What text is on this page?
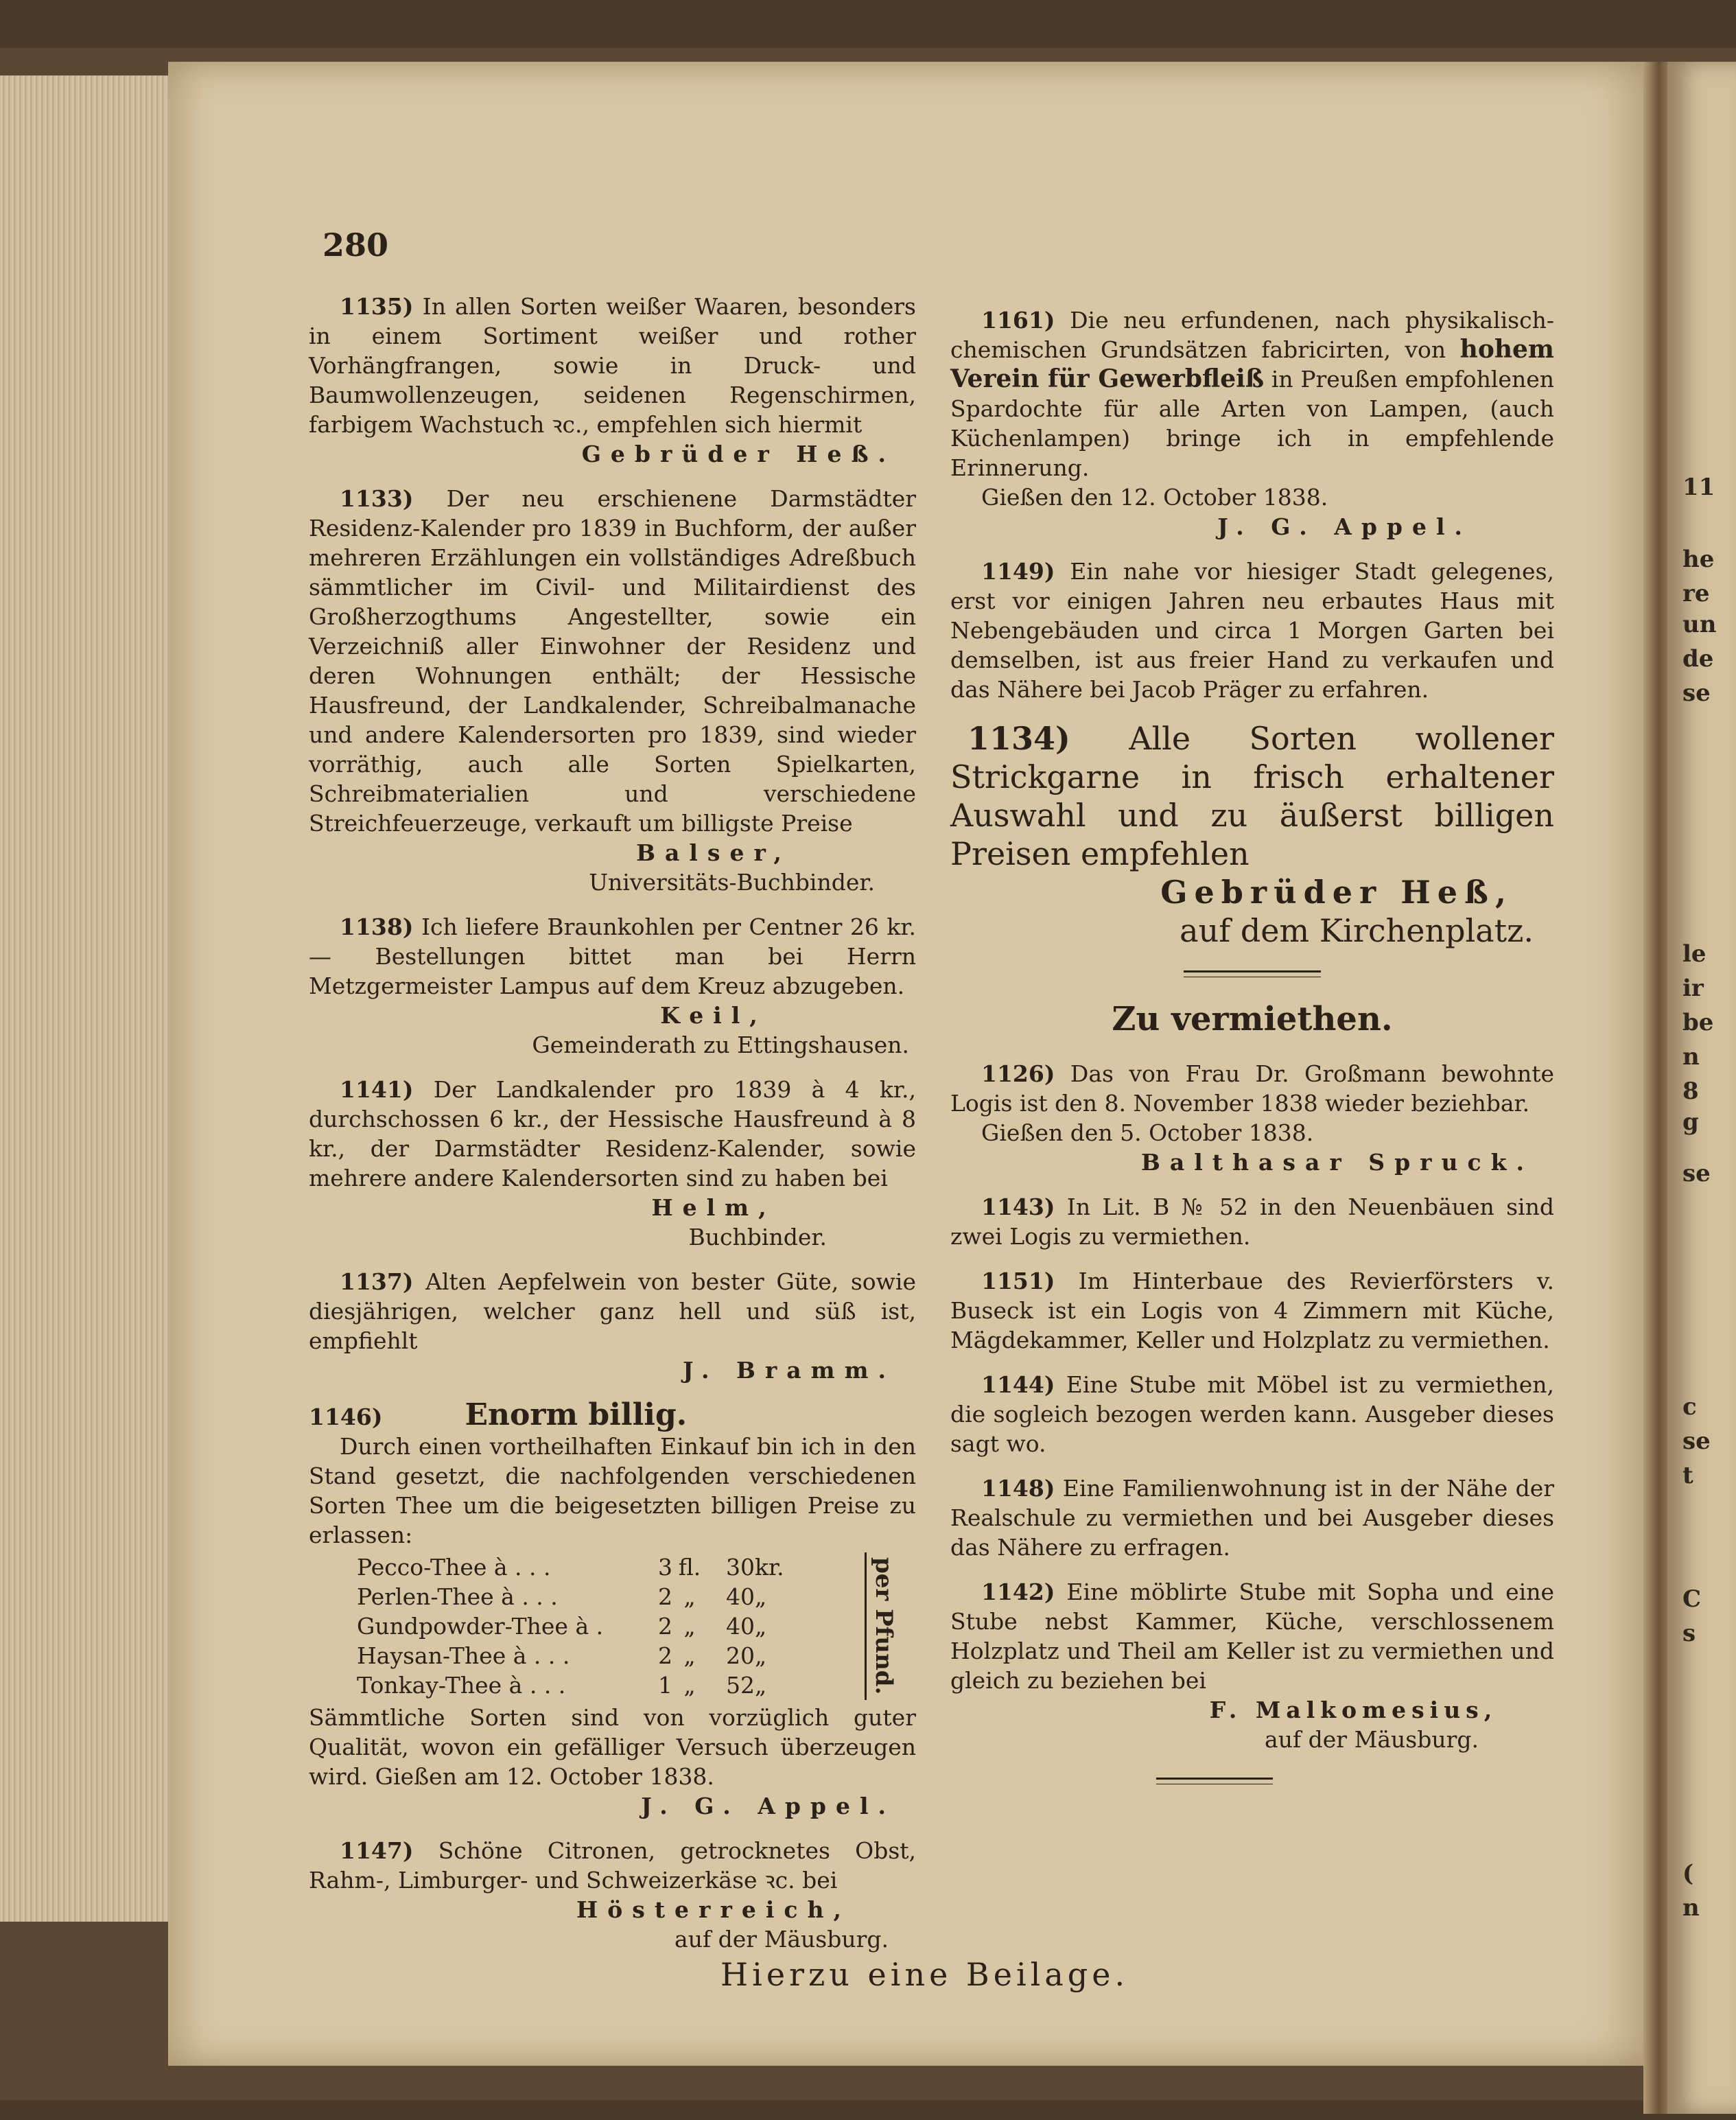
11
he
re
un
de
se
le
ir
be
n
8
g
se
c
se
t
C
s
(
n
280

1135) In allen Sorten weißer Waaren, besonders in einem Sortiment weißer und rother Vorhängfrangen, sowie in Druck- und Baumwollenzeugen, seidenen Regenschirmen, farbigem Wachstuch ꝛc., empfehlen sich hiermit

Gebrüder Heß.

1133) Der neu erschienene Darmstädter Residenz-Kalender pro 1839 in Buchform, der außer mehreren Erzählungen ein vollständiges Adreßbuch sämmtlicher im Civil- und Militairdienst des Großherzogthums Angestellter, sowie ein Verzeichniß aller Einwohner der Residenz und deren Wohnungen enthält; der Hessische Hausfreund, der Landkalender, Schreibalmanache und andere Kalendersorten pro 1839, sind wieder vorräthig, auch alle Sorten Spielkarten, Schreibmaterialien und verschiedene Streichfeuerzeuge, verkauft um billigste Preise

Balser,

Universitäts-Buchbinder.

1138) Ich liefere Braunkohlen per Centner 26 kr. — Bestellungen bittet man bei Herrn Metzgermeister Lampus auf dem Kreuz abzugeben.

Keil,

Gemeinderath zu Ettingshausen.

1141) Der Landkalender pro 1839 à 4 kr., durchschossen 6 kr., der Hessische Hausfreund à 8 kr., der Darmstädter Residenz-Kalender, sowie mehrere andere Kalendersorten sind zu haben bei

Helm,

Buchbinder.

1137) Alten Aepfelwein von bester Güte, sowie diesjährigen, welcher ganz hell und süß ist, empfiehlt

J. Bramm.

1146)	Enorm billig.

Durch einen vortheilhaften Einkauf bin ich in den Stand gesetzt, die nachfolgenden verschiedenen Sorten Thee um die beigesetzten billigen Preise zu erlassen:

Pecco-Thee à . . .	3 fl.	30 kr.
Perlen-Thee à . . .	2 „	40 „
Gundpowder-Thee à .	2 „	40 „
Haysan-Thee à . . .	2 „	20 „
Tonkay-Thee à . . .	1 „	52 „	per Pfund.

Sämmtliche Sorten sind von vorzüglich guter Qualität, wovon ein gefälliger Versuch überzeugen wird. Gießen am 12. October 1838.

J. G. Appel.

1147) Schöne Citronen, getrocknetes Obst, Rahm-, Limburger- und Schweizerkäse ꝛc. bei

Hösterreich,

auf der Mäusburg.

1161) Die neu erfundenen, nach physikalisch-chemischen Grundsätzen fabricirten, von hohem Verein für Gewerbfleiß in Preußen empfohlenen Spardochte für alle Arten von Lampen, (auch Küchenlampen) bringe ich in empfehlende Erinnerung.

Gießen den 12. October 1838.

J. G. Appel.

1149) Ein nahe vor hiesiger Stadt gelegenes, erst vor einigen Jahren neu erbautes Haus mit Nebengebäuden und circa 1 Morgen Garten bei demselben, ist aus freier Hand zu verkaufen und das Nähere bei Jacob Präger zu erfahren.

1134) Alle Sorten wollener Strickgarne in frisch erhaltener Auswahl und zu äußerst billigen Preisen empfehlen

Gebrüder Heß,

auf dem Kirchenplatz.

Zu vermiethen.

1126) Das von Frau Dr. Großmann bewohnte Logis ist den 8. November 1838 wieder beziehbar.

Gießen den 5. October 1838.

Balthasar Spruck.

1143) In Lit. B № 52 in den Neuenbäuen sind zwei Logis zu vermiethen.

1151) Im Hinterbaue des Revierförsters v. Buseck ist ein Logis von 4 Zimmern mit Küche, Mägdekammer, Keller und Holzplatz zu vermiethen.

1144) Eine Stube mit Möbel ist zu vermiethen, die sogleich bezogen werden kann. Ausgeber dieses sagt wo.

1148) Eine Familienwohnung ist in der Nähe der Realschule zu vermiethen und bei Ausgeber dieses das Nähere zu erfragen.

1142) Eine möblirte Stube mit Sopha und eine Stube nebst Kammer, Küche, verschlossenem Holzplatz und Theil am Keller ist zu vermiethen und gleich zu beziehen bei

F. Malkomesius,

auf der Mäusburg.

Hierzu eine Beilage.
